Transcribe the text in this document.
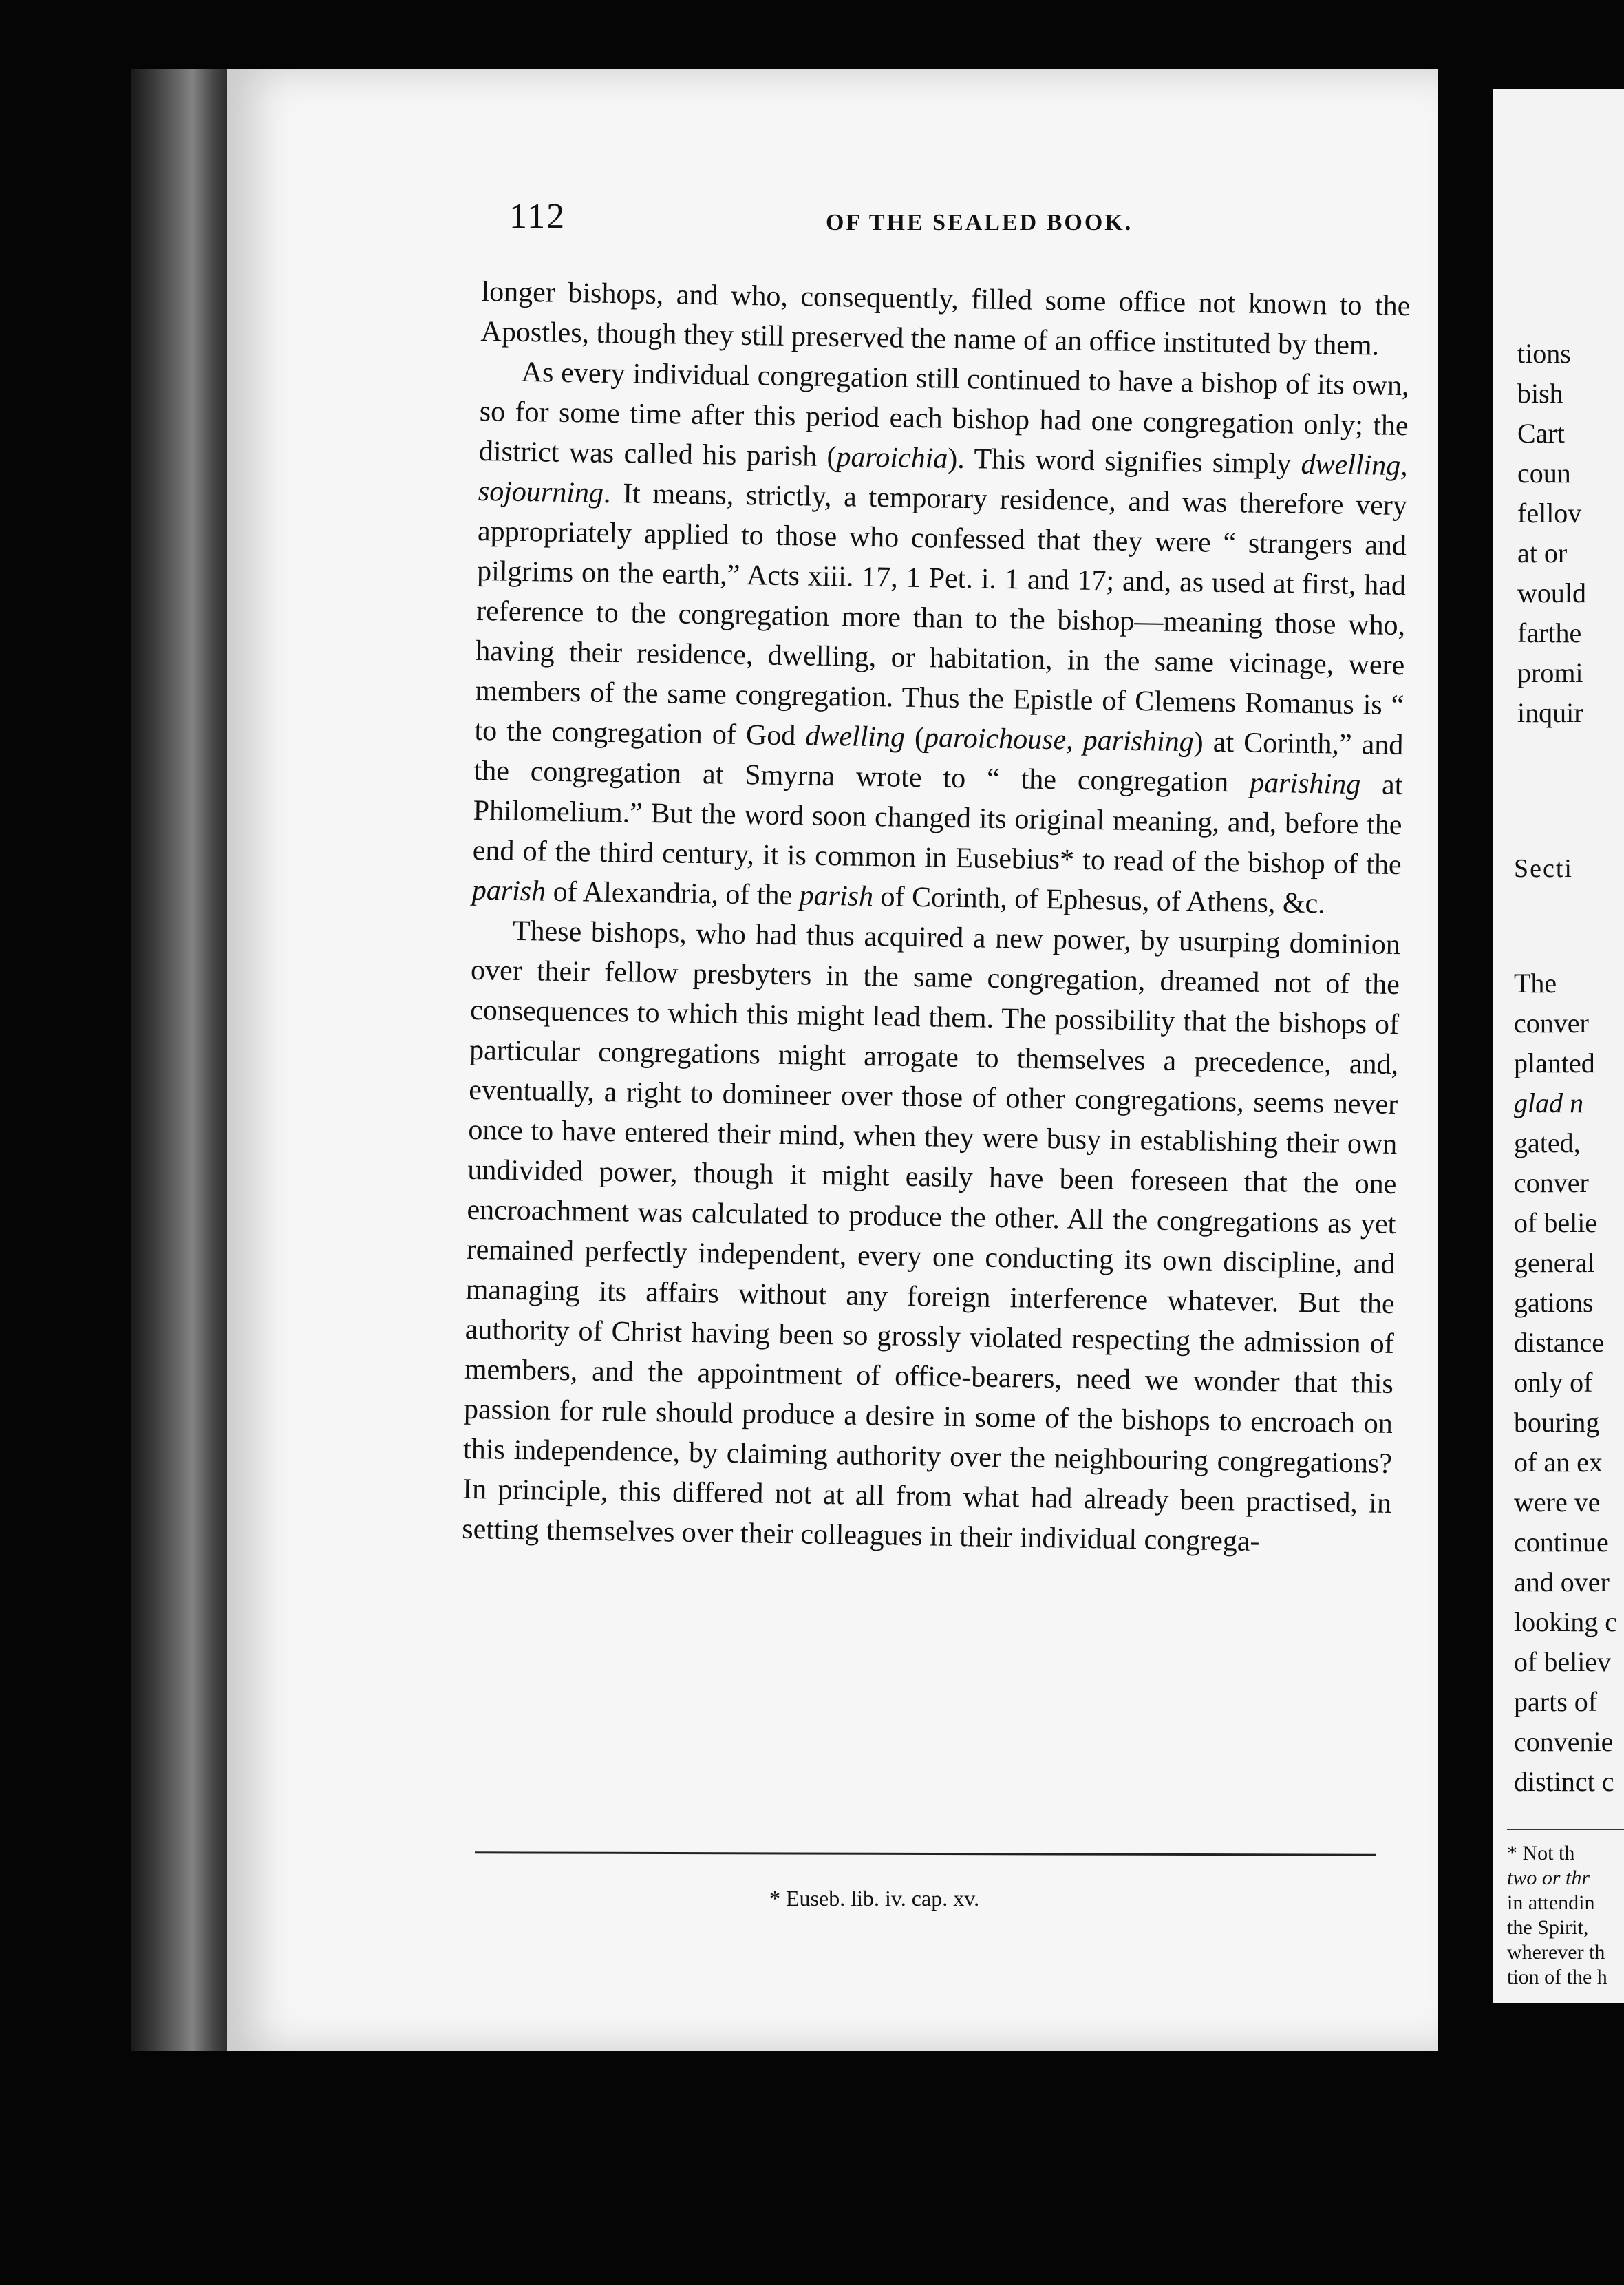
112	OF THE SEALED BOOK.

longer bishops, and who, consequently, filled some office not known to the Apostles, though they still preserved the name of an office instituted by them.

As every individual congregation still continued to have a bishop of its own, so for some time after this period each bishop had one congregation only; the district was called his parish (paroichia). This word signifies simply dwelling, sojourning. It means, strictly, a temporary residence, and was therefore very appropriately applied to those who confessed that they were “ strangers and pilgrims on the earth,” Acts xiii. 17, 1 Pet. i. 1 and 17; and, as used at first, had reference to the congregation more than to the bishop—meaning those who, having their residence, dwelling, or habitation, in the same vicinage, were members of the same congregation. Thus the Epistle of Clemens Romanus is “ to the congregation of God dwelling (paroichouse, parishing) at Corinth,” and the congregation at Smyrna wrote to “ the congregation parishing at Philomelium.” But the word soon changed its original meaning, and, before the end of the third century, it is common in Eusebius* to read of the bishop of the parish of Alexandria, of the parish of Corinth, of Ephesus, of Athens, &c.

These bishops, who had thus acquired a new power, by usurping dominion over their fellow presbyters in the same congregation, dreamed not of the consequences to which this might lead them. The possibility that the bishops of particular congregations might arrogate to themselves a precedence, and, eventually, a right to domineer over those of other congregations, seems never once to have entered their mind, when they were busy in establishing their own undivided power, though it might easily have been foreseen that the one encroachment was calculated to produce the other. All the congregations as yet remained perfectly independent, every one conducting its own discipline, and managing its affairs without any foreign interference whatever. But the authority of Christ having been so grossly violated respecting the admission of members, and the appointment of office-bearers, need we wonder that this passion for rule should produce a desire in some of the bishops to encroach on this independence, by claiming authority over the neighbouring congregations? In principle, this differed not at all from what had already been practised, in setting themselves over their colleagues in their individual congrega-

* Euseb. lib. iv. cap. xv.
tions
bish
Cart
coun
fellov
at or
would
farthe
promi
inquir
Secti
The
conver
planted
glad n
gated,
conver
of belie
general
gations
distance
only of
bouring
of an ex
were ve
continue
and over
looking c
of believ
parts of
convenie
distinct c
* Not th
two or thr
in attendin
the Spirit,
wherever th
tion of the h
